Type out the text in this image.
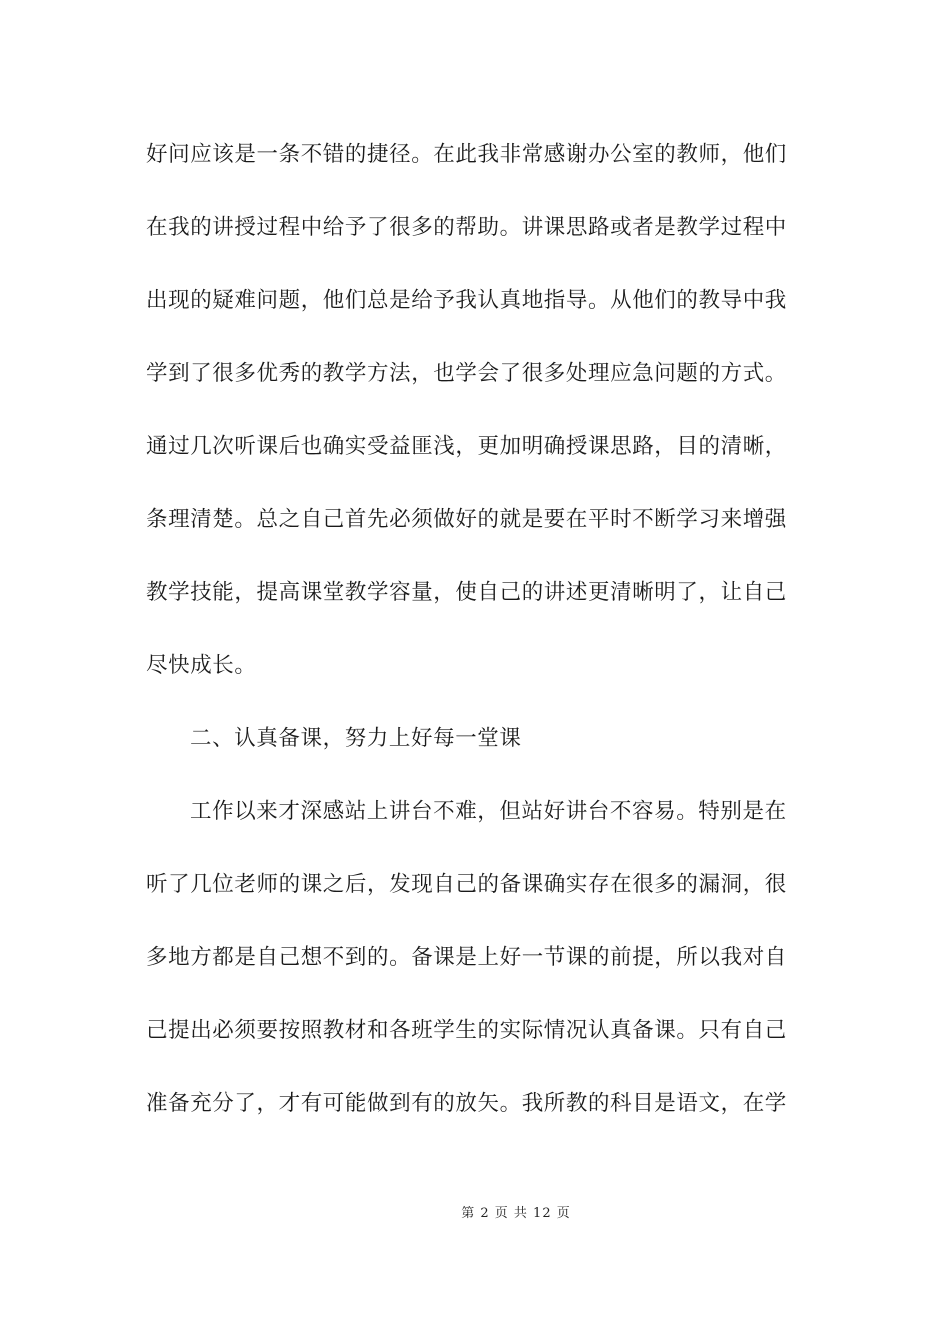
好问应该是一条不错的捷径。在此我非常感谢办公室的教师，他们
在我的讲授过程中给予了很多的帮助。讲课思路或者是教学过程中
出现的疑难问题，他们总是给予我认真地指导。从他们的教导中我
学到了很多优秀的教学方法，也学会了很多处理应急问题的方式。
通过几次听课后也确实受益匪浅，更加明确授课思路，目的清晰，
条理清楚。总之自己首先必须做好的就是要在平时不断学习来增强
教学技能，提高课堂教学容量，使自己的讲述更清晰明了，让自己
尽快成长。
二、认真备课，努力上好每一堂课
工作以来才深感站上讲台不难，但站好讲台不容易。特别是在
听了几位老师的课之后，发现自己的备课确实存在很多的漏洞，很
多地方都是自己想不到的。备课是上好一节课的前提，所以我对自
己提出必须要按照教材和各班学生的实际情况认真备课。只有自己
准备充分了，才有可能做到有的放矢。我所教的科目是语文，在学
第 2 页 共 12 页
